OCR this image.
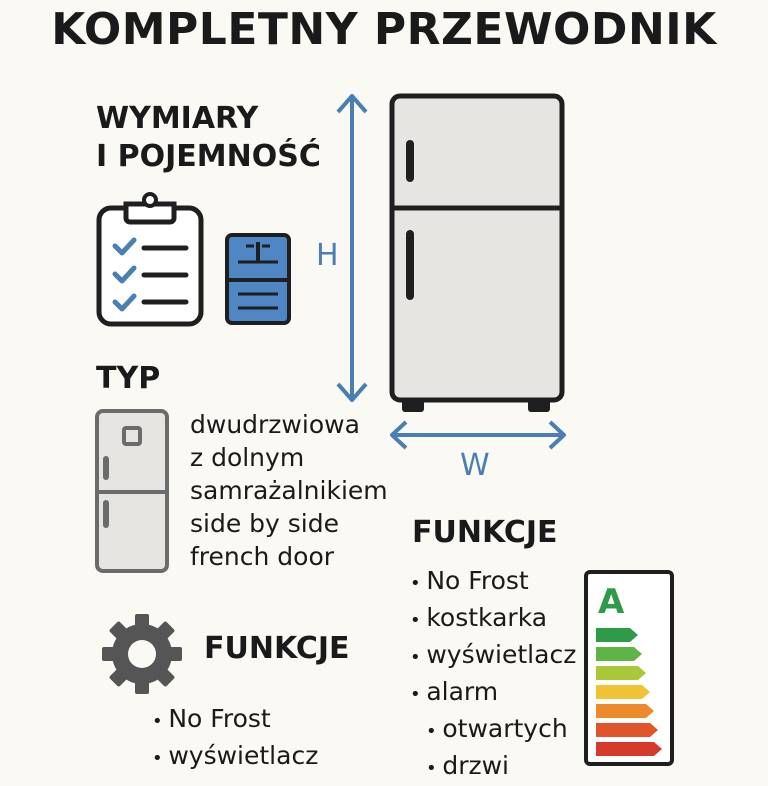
KOMPLETNY PRZEWODNIK
WYMIARY
I POJEMNOŚĆ
H
W
TYP
dwudrzwiowa
z dolnym
samrażalnikiem
side by side
french door
FUNKCJE
• No Frost
• wyświetlacz
FUNKCJE
• No Frost
• kostkarka
• wyświetlacz
• alarm
• otwartych
• drzwi
A
